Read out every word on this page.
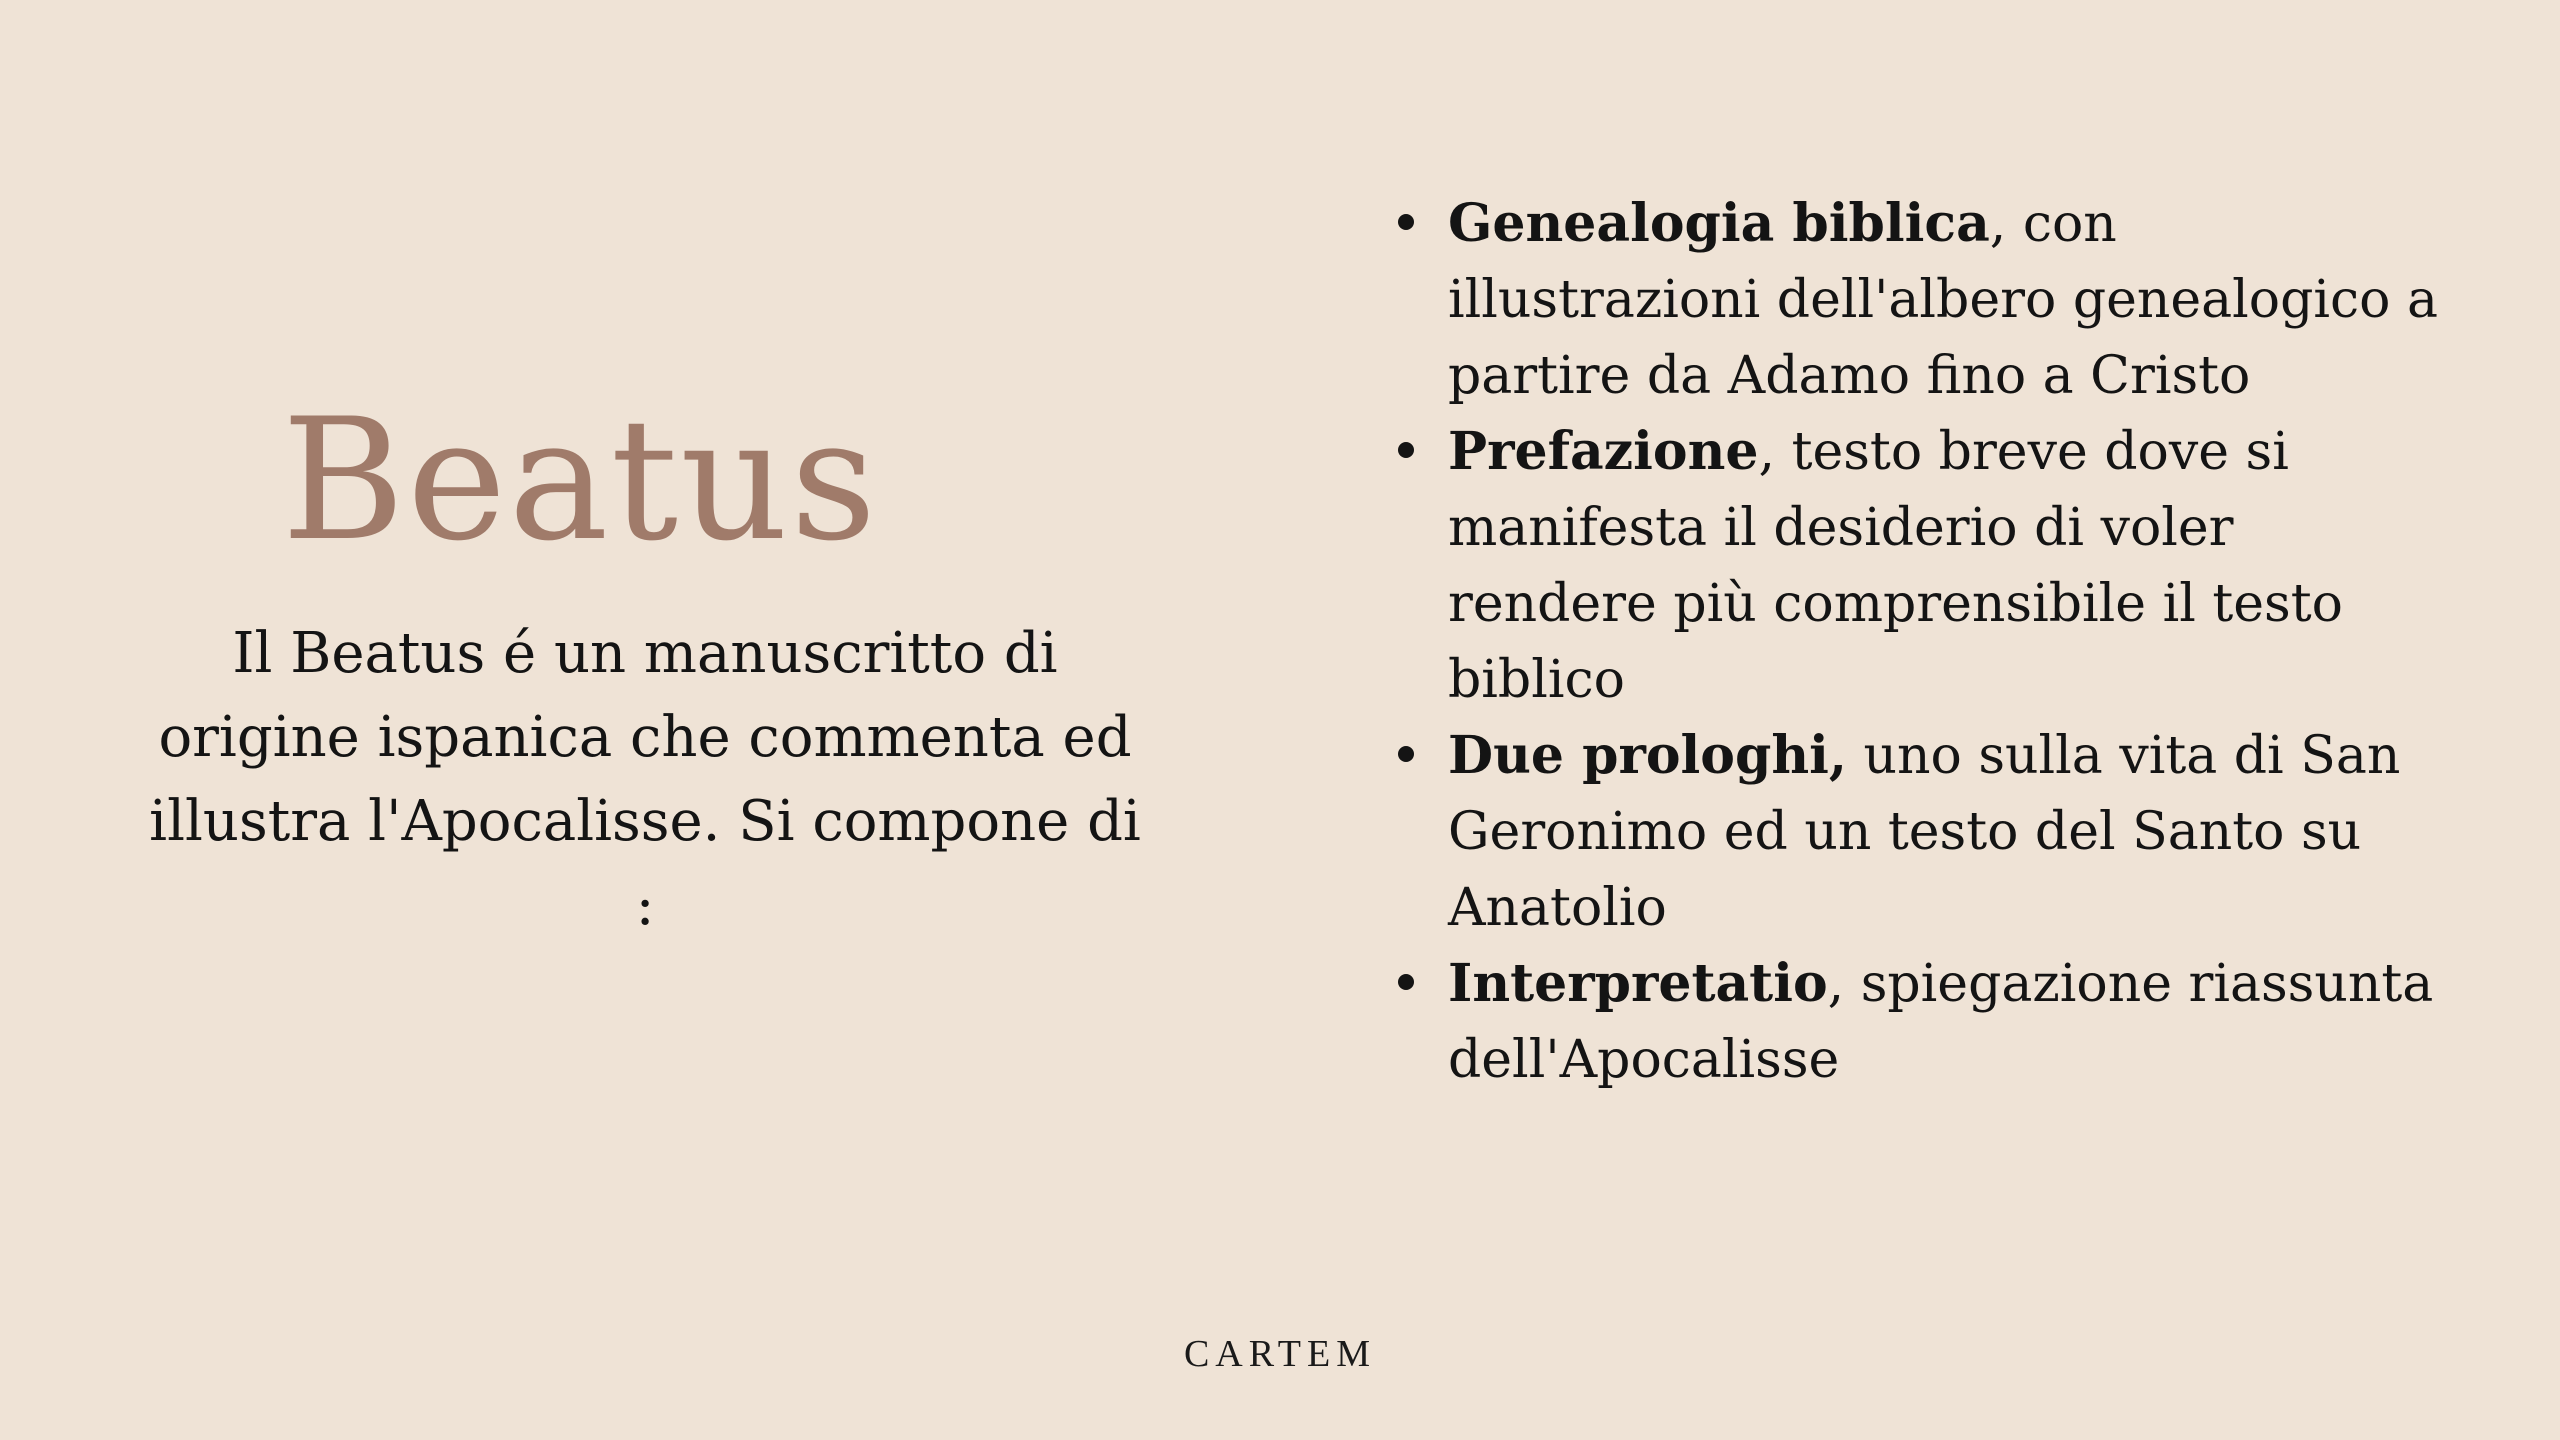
Beatus

Il Beatus é un manuscritto di origine ispanica che commenta ed illustra l'Apocalisse. Si compone di :

Genealogia biblica, con illustrazioni dell'albero genealogico a partire da Adamo fino a Cristo
Prefazione, testo breve dove si manifesta il desiderio di voler rendere più comprensibile il testo biblico
Due prologhi, uno sulla vita di San Geronimo ed un testo del Santo su Anatolio
Interpretatio, spiegazione riassunta dell'Apocalisse
CARTEM
